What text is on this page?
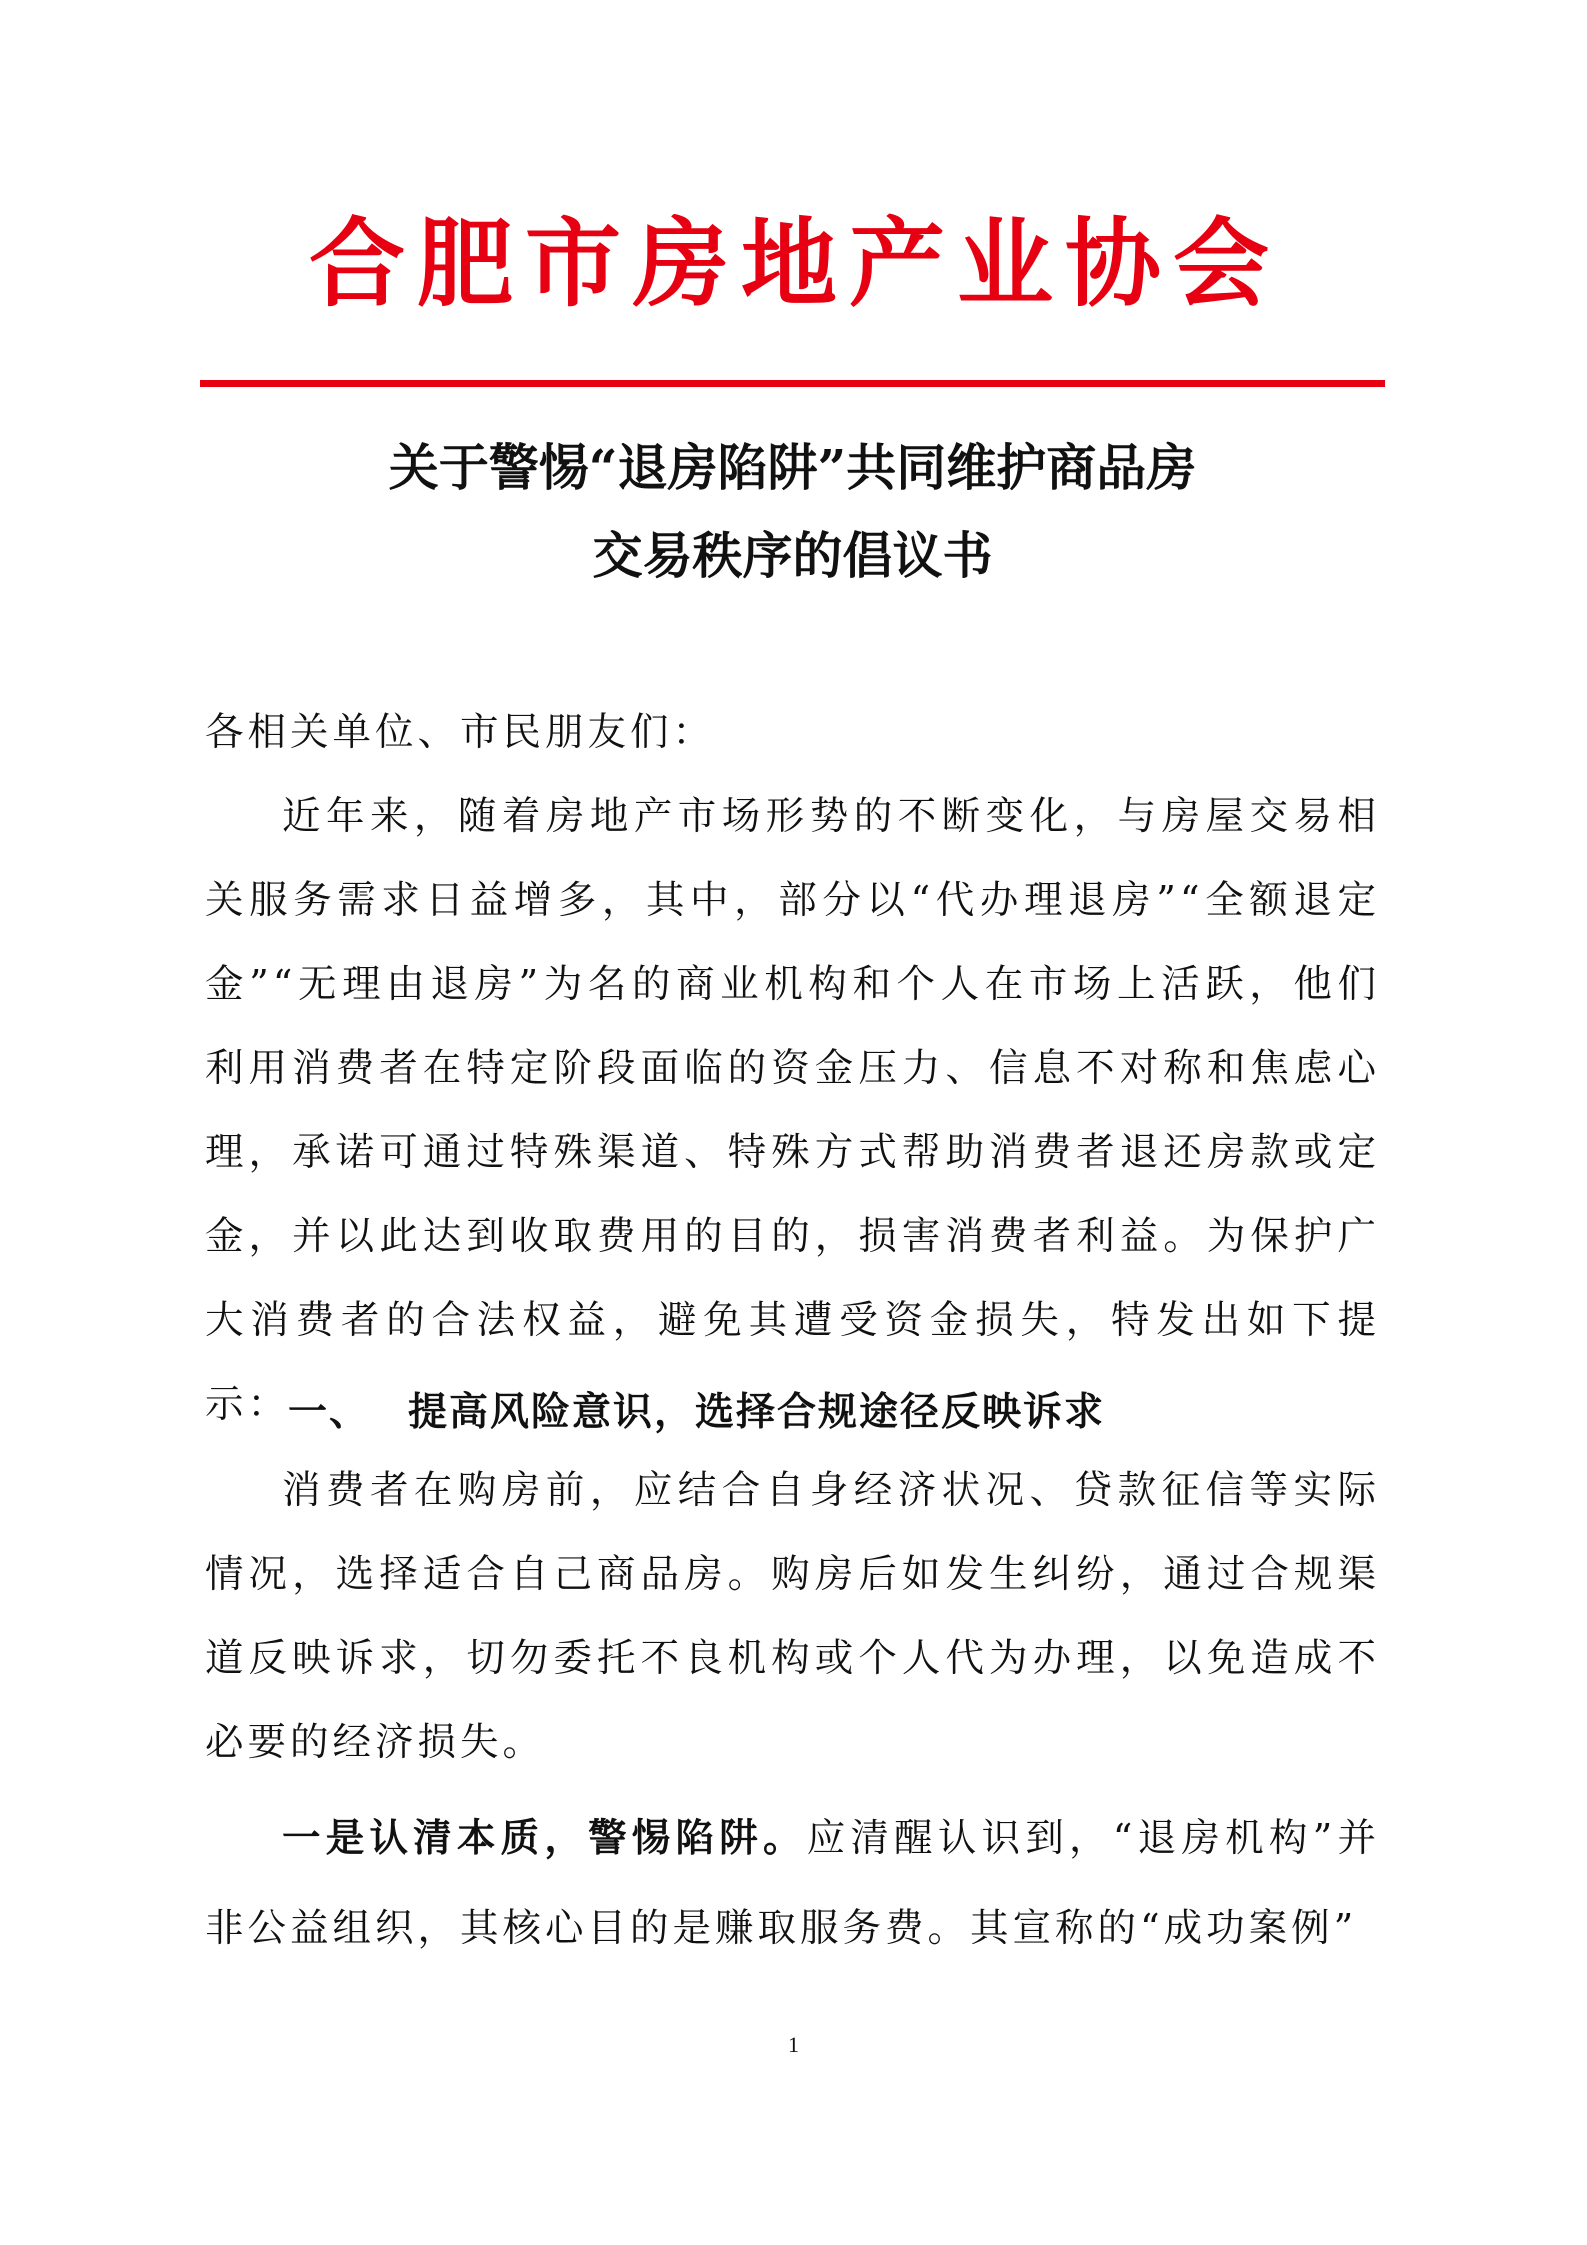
合肥市房地产业协会
关于警惕“退房陷阱”共同维护商品房
交易秩序的倡议书
各相关单位、市民朋友们：
近年来，随着房地产市场形势的不断变化，与房屋交易相关服务需求日益增多，其中，部分以“代办理退房”“全额退定金”“无理由退房”为名的商业机构和个人在市场上活跃，他们利用消费者在特定阶段面临的资金压力、信息不对称和焦虑心理，承诺可通过特殊渠道、特殊方式帮助消费者退还房款或定金，并以此达到收取费用的目的，损害消费者利益。为保护广大消费者的合法权益，避免其遭受资金损失，特发出如下提示：
一、 提高风险意识，选择合规途径反映诉求
消费者在购房前，应结合自身经济状况、贷款征信等实际情况，选择适合自己商品房。购房后如发生纠纷，通过合规渠道反映诉求，切勿委托不良机构或个人代为办理，以免造成不必要的经济损失。
一是认清本质，警惕陷阱。应清醒认识到，“退房机构”并非公益组织，其核心目的是赚取服务费。其宣称的“成功案例”
1
